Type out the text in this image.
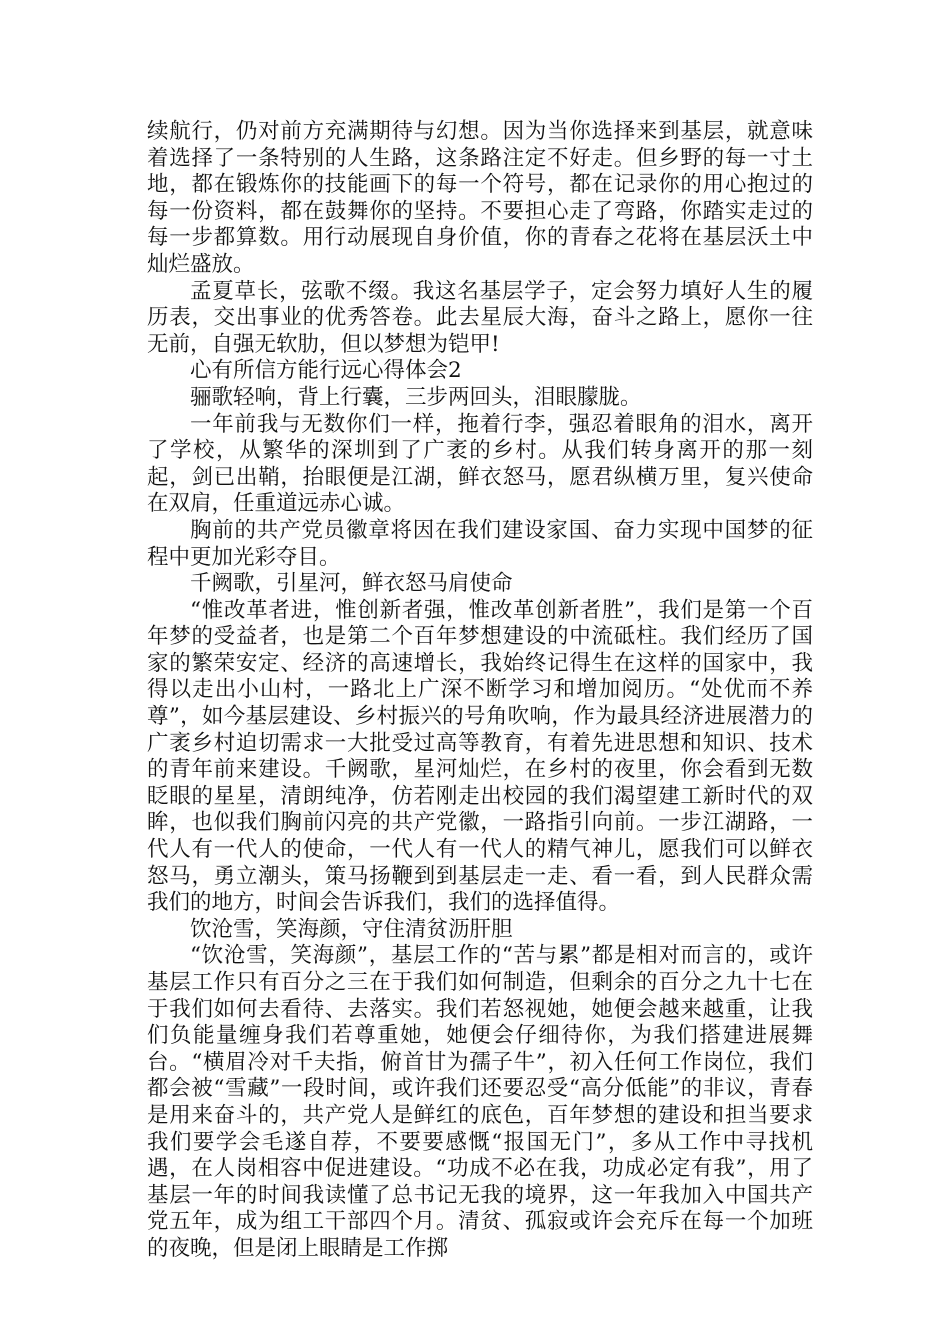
续航行，仍对前方充满期待与幻想。因为当你选择来到基层，就意味着选择了一条特别的人生路，这条路注定不好走。但乡野的每一寸土地，都在锻炼你的技能画下的每一个符号，都在记录你的用心抱过的每一份资料，都在鼓舞你的坚持。不要担心走了弯路，你踏实走过的每一步都算数。用行动展现自身价值，你的青春之花将在基层沃土中灿烂盛放。

孟夏草长，弦歌不缀。我这名基层学子，定会努力填好人生的履历表，交出事业的优秀答卷。此去星辰大海，奋斗之路上，愿你一往无前，自强无软肋，但以梦想为铠甲!

心有所信方能行远心得体会2

骊歌轻响，背上行囊，三步两回头，泪眼朦胧。

一年前我与无数你们一样，拖着行李，强忍着眼角的泪水，离开了学校，从繁华的深圳到了广袤的乡村。从我们转身离开的那一刻起，剑已出鞘，抬眼便是江湖，鲜衣怒马，愿君纵横万里，复兴使命在双肩，任重道远赤心诚。

胸前的共产党员徽章将因在我们建设家国、奋力实现中国梦的征程中更加光彩夺目。

千阙歌，引星河，鲜衣怒马肩使命

“惟改革者进，惟创新者强，惟改革创新者胜”，我们是第一个百年梦的受益者，也是第二个百年梦想建设的中流砥柱。我们经历了国家的繁荣安定、经济的高速增长，我始终记得生在这样的国家中，我得以走出小山村，一路北上广深不断学习和增加阅历。“处优而不养尊”，如今基层建设、乡村振兴的号角吹响，作为最具经济进展潜力的广袤乡村迫切需求一大批受过高等教育，有着先进思想和知识、技术的青年前来建设。千阙歌，星河灿烂，在乡村的夜里，你会看到无数眨眼的星星，清朗纯净，仿若刚走出校园的我们渴望建工新时代的双眸，也似我们胸前闪亮的共产党徽，一路指引向前。一步江湖路，一代人有一代人的使命，一代人有一代人的精气神儿，愿我们可以鲜衣怒马，勇立潮头，策马扬鞭到到基层走一走、看一看，到人民群众需我们的地方，时间会告诉我们，我们的选择值得。

饮沧雪，笑海颜，守住清贫沥肝胆

“饮沧雪，笑海颜”，基层工作的“苦与累”都是相对而言的，或许基层工作只有百分之三在于我们如何制造，但剩余的百分之九十七在于我们如何去看待、去落实。我们若怒视她，她便会越来越重，让我们负能量缠身我们若尊重她，她便会仔细待你，为我们搭建进展舞台。“横眉冷对千夫指，俯首甘为孺子牛”，初入任何工作岗位，我们都会被“雪藏”一段时间，或许我们还要忍受“高分低能”的非议，青春是用来奋斗的，共产党人是鲜红的底色，百年梦想的建设和担当要求我们要学会毛遂自荐，不要要感慨“报国无门”，多从工作中寻找机遇，在人岗相容中促进建设。“功成不必在我，功成必定有我”，用了基层一年的时间我读懂了总书记无我的境界，这一年我加入中国共产党五年，成为组工干部四个月。清贫、孤寂或许会充斥在每一个加班的夜晚，但是闭上眼睛是工作掷
